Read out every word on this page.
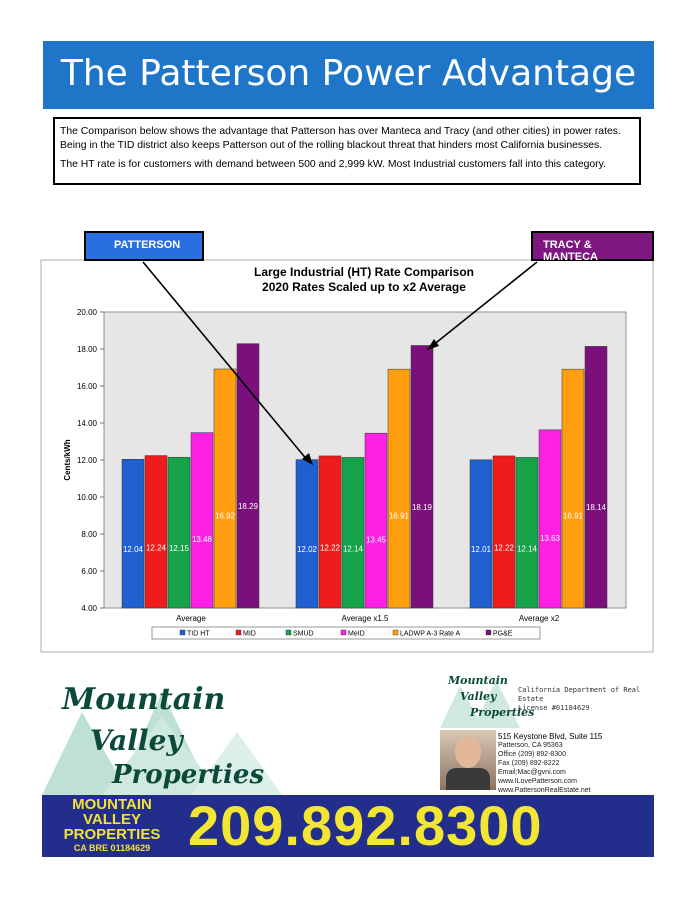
The Patterson Power Advantage

The Comparison below shows the advantage that Patterson has over Manteca and Tracy (and other cities) in power rates. Being in the TID district also keeps Patterson out of the rolling blackout threat that hinders most California businesses.

The HT rate is for customers with demand between 500 and 2,999 kW. Most Industrial customers fall into this category.

Large Industrial (HT) Rate Comparison
2020 Rates Scaled up to x2 Average
Cents/kWh
4.00
6.00
8.00
10.00
12.00
14.00
16.00
18.00
20.00
12.04 12.24 12.15
13.48
16.92
18.29
12.02 12.22 12.14
13.45
16.91
18.19
12.01 12.22 12.14
13.63
16.91
18.14
Average	Average x1.5	Average x2
TID HT	MID	SMUD	MeID	LADWP A-3 Rate A	PG&E
PATTERSON	TRACY & MANTECA
Mountain
Valley
Properties
Mountain
Valley
Properties
California Department of Real Estate
License #01184629
515 Keystone Blvd, Suite 115
Patterson, CA 95363
Office (209) 892-8300
Fax (209) 892-8222
Email:Mac@gvni.com
www.ILovePatterson.com
www.PattersonRealEstate.net
MOUNTAIN
VALLEY
PROPERTIES
CA BRE 01184629 209.892.8300
